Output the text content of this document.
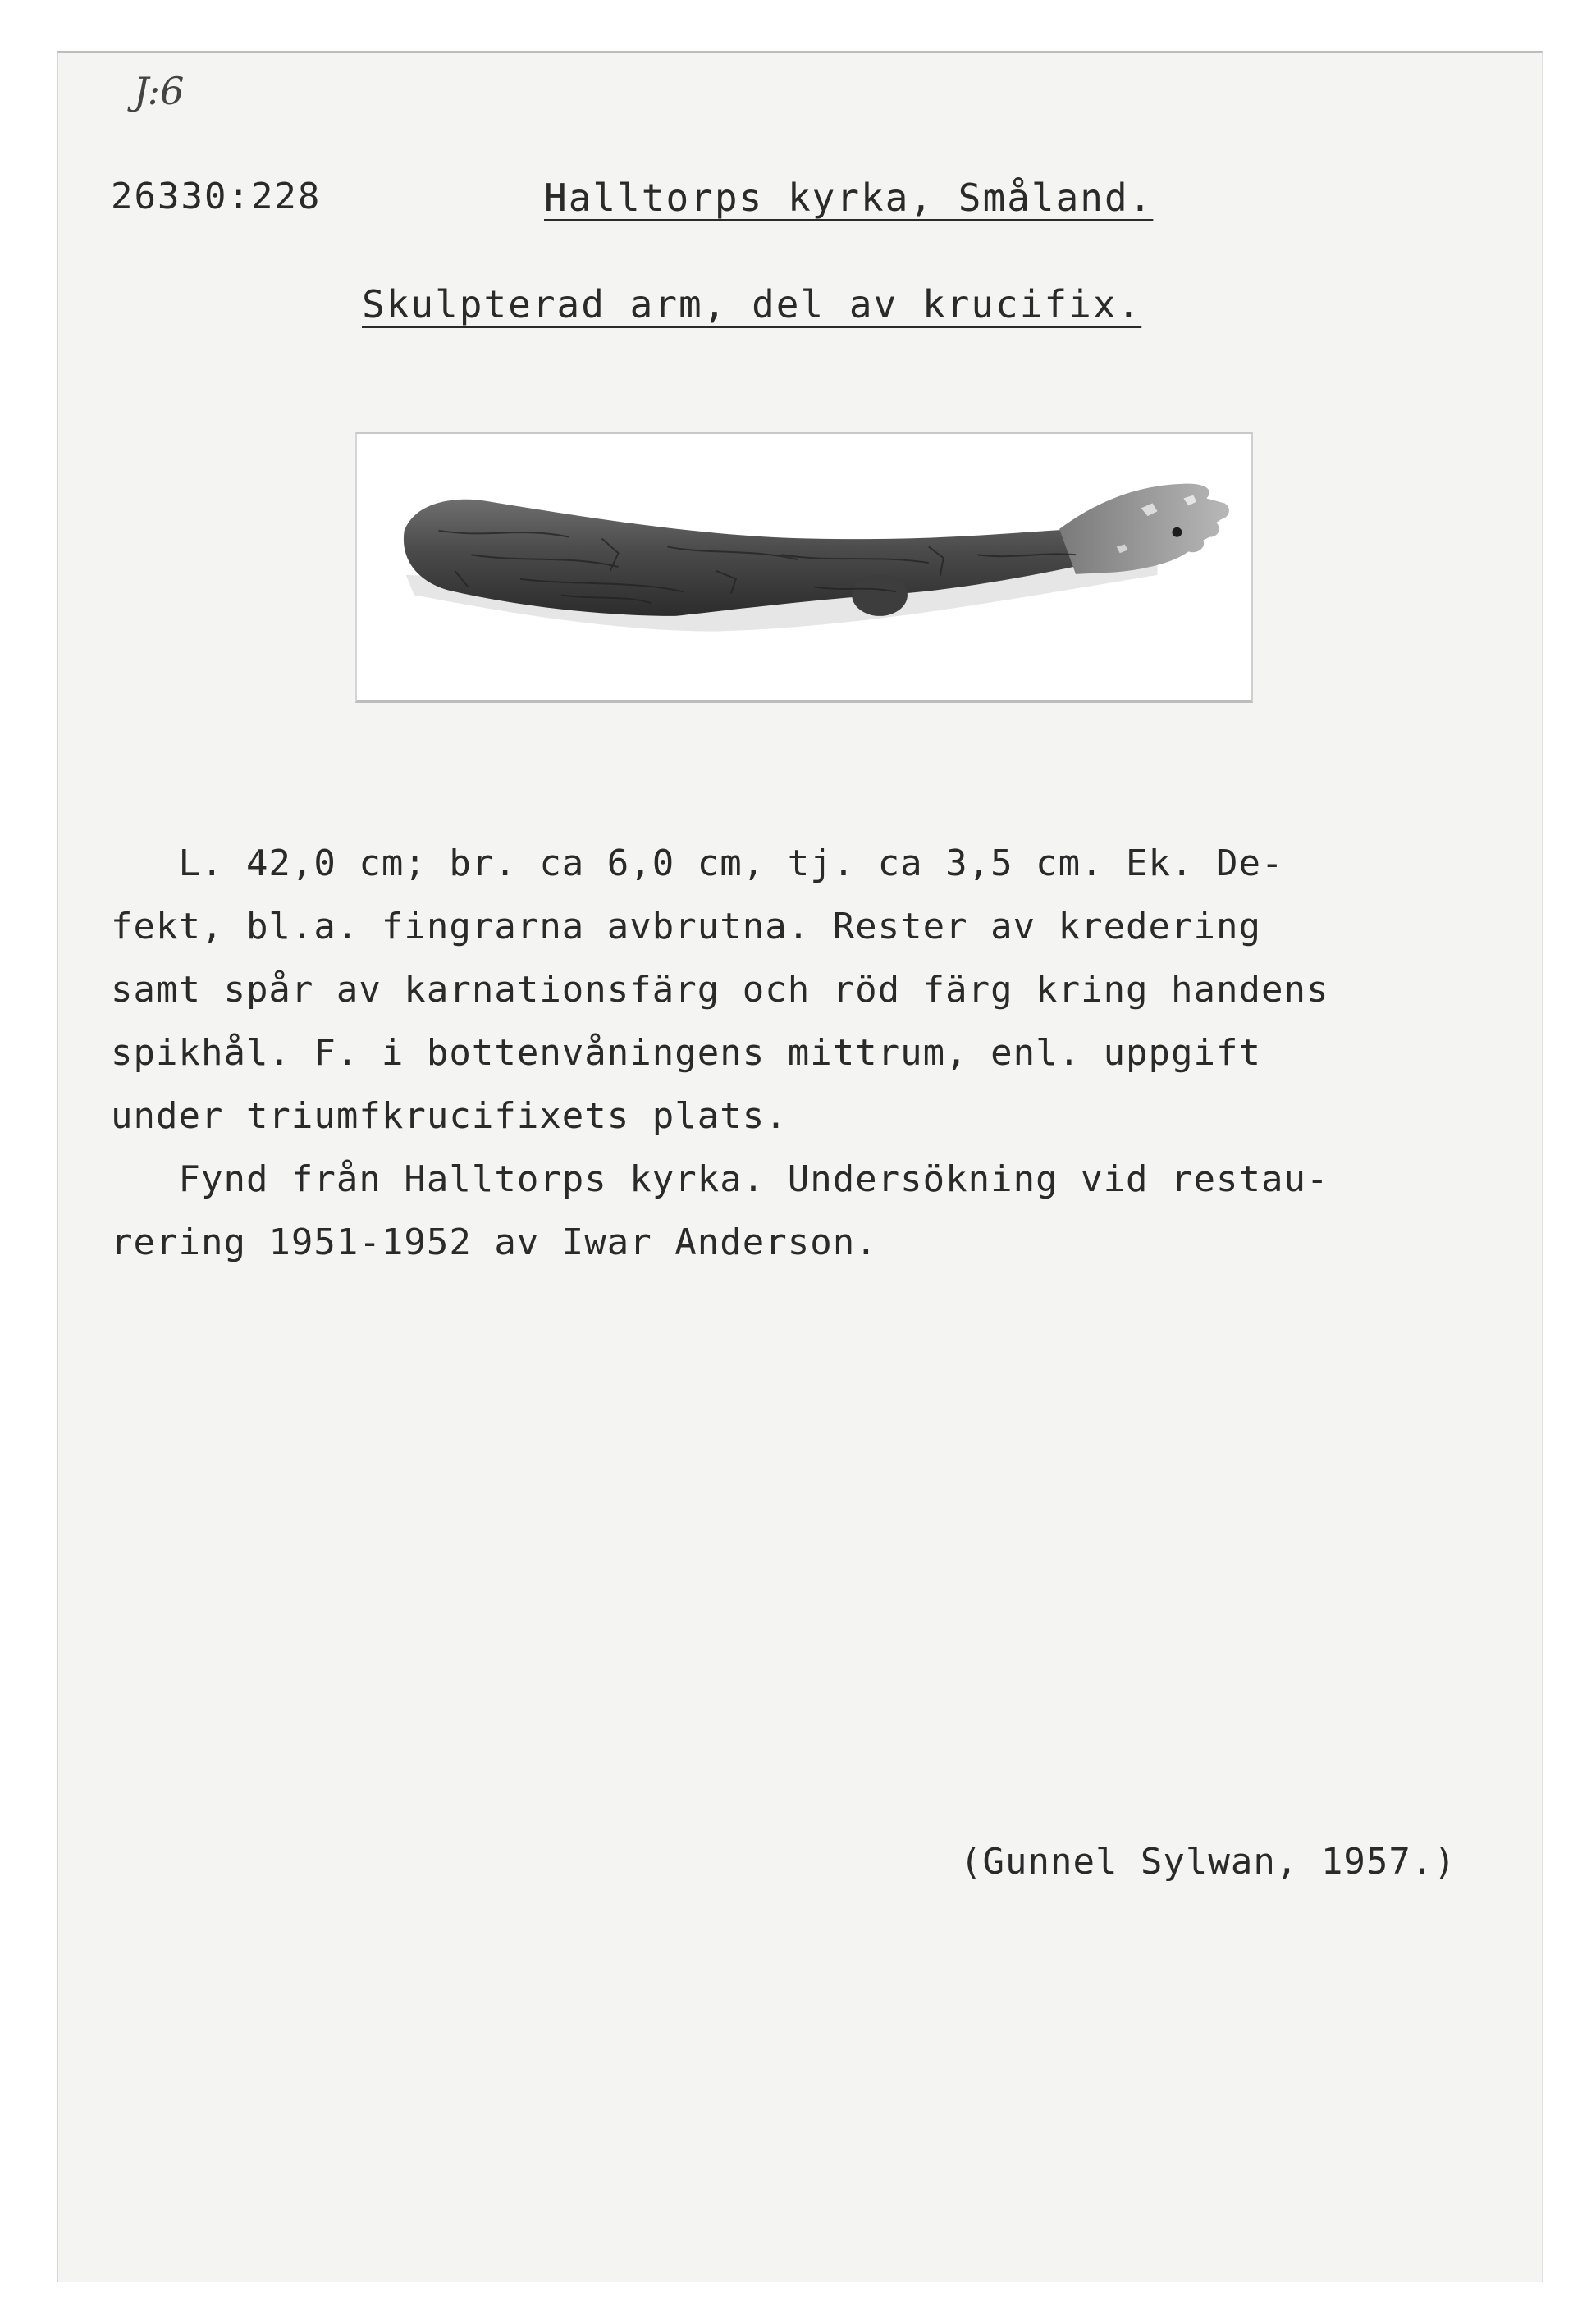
J:6
26330:228	Halltorps kyrka, Småland.
Skulpterad arm, del av krucifix.
L. 42,0 cm; br. ca 6,0 cm, tj. ca 3,5 cm. Ek. De-
fekt, bl.a. fingrarna avbrutna. Rester av kredering
samt spår av karnationsfärg och röd färg kring handens
spikhål. F. i bottenvåningens mittrum, enl. uppgift
under triumfkrucifixets plats.
Fynd från Halltorps kyrka. Undersökning vid restau-
rering 1951-1952 av Iwar Anderson.
(Gunnel Sylwan, 1957.)
